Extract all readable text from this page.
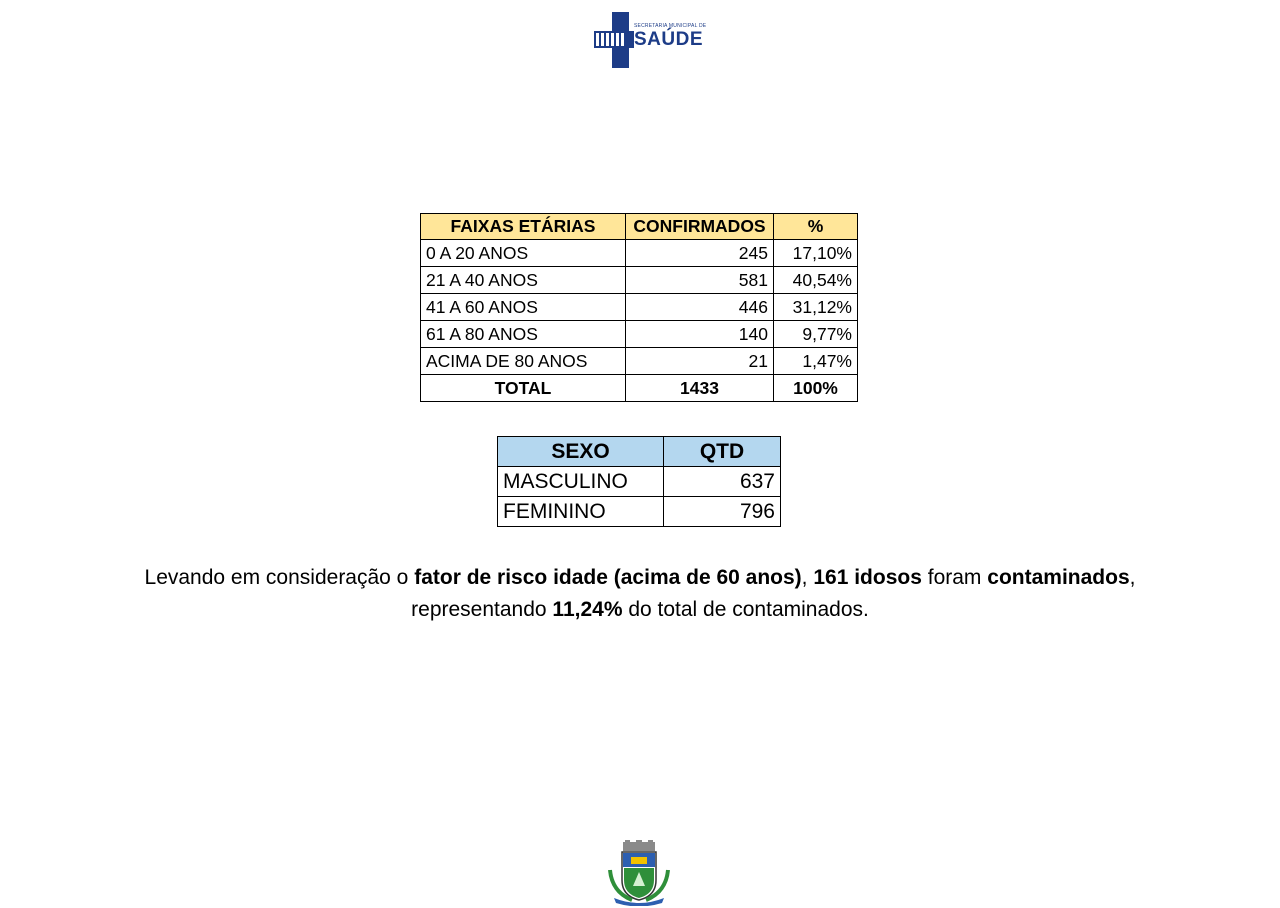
SECRETARIA MUNICIPAL DE
SAÚDE
FAIXAS ETÁRIAS	CONFIRMADOS	%
0 A 20 ANOS	245	17,10%
21 A 40 ANOS	581	40,54%
41 A 60 ANOS	446	31,12%
61 A 80 ANOS	140	9,77%
ACIMA DE 80 ANOS	21	1,47%
TOTAL	1433	100%
SEXO	QTD
MASCULINO	637
FEMININO	796
Levando em consideração o fator de risco idade (acima de 60 anos), 161 idosos foram contaminados,
representando 11,24% do total de contaminados.
